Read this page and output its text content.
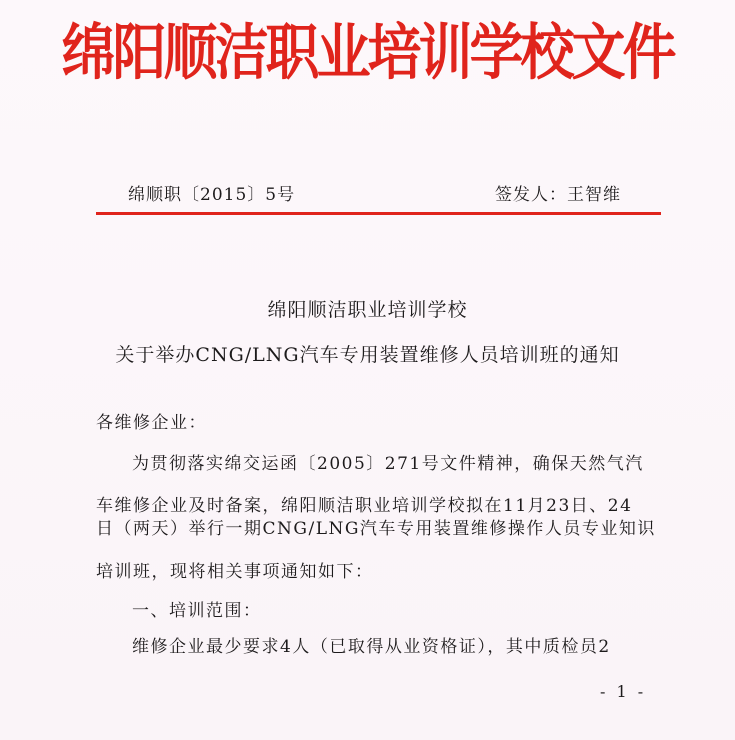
绵阳顺洁职业培训学校文件
绵顺职〔2015〕5号	签发人：王智维
绵阳顺洁职业培训学校
关于举办CNG/LNG汽车专用装置维修人员培训班的通知
各维修企业：
为贯彻落实绵交运函〔2005〕271号文件精神，确保天然气汽
车维修企业及时备案，绵阳顺洁职业培训学校拟在11月23日、24
日（两天）举行一期CNG/LNG汽车专用装置维修操作人员专业知识
培训班，现将相关事项通知如下：
一、培训范围：
维修企业最少要求4人（已取得从业资格证），其中质检员2
- 1 -
